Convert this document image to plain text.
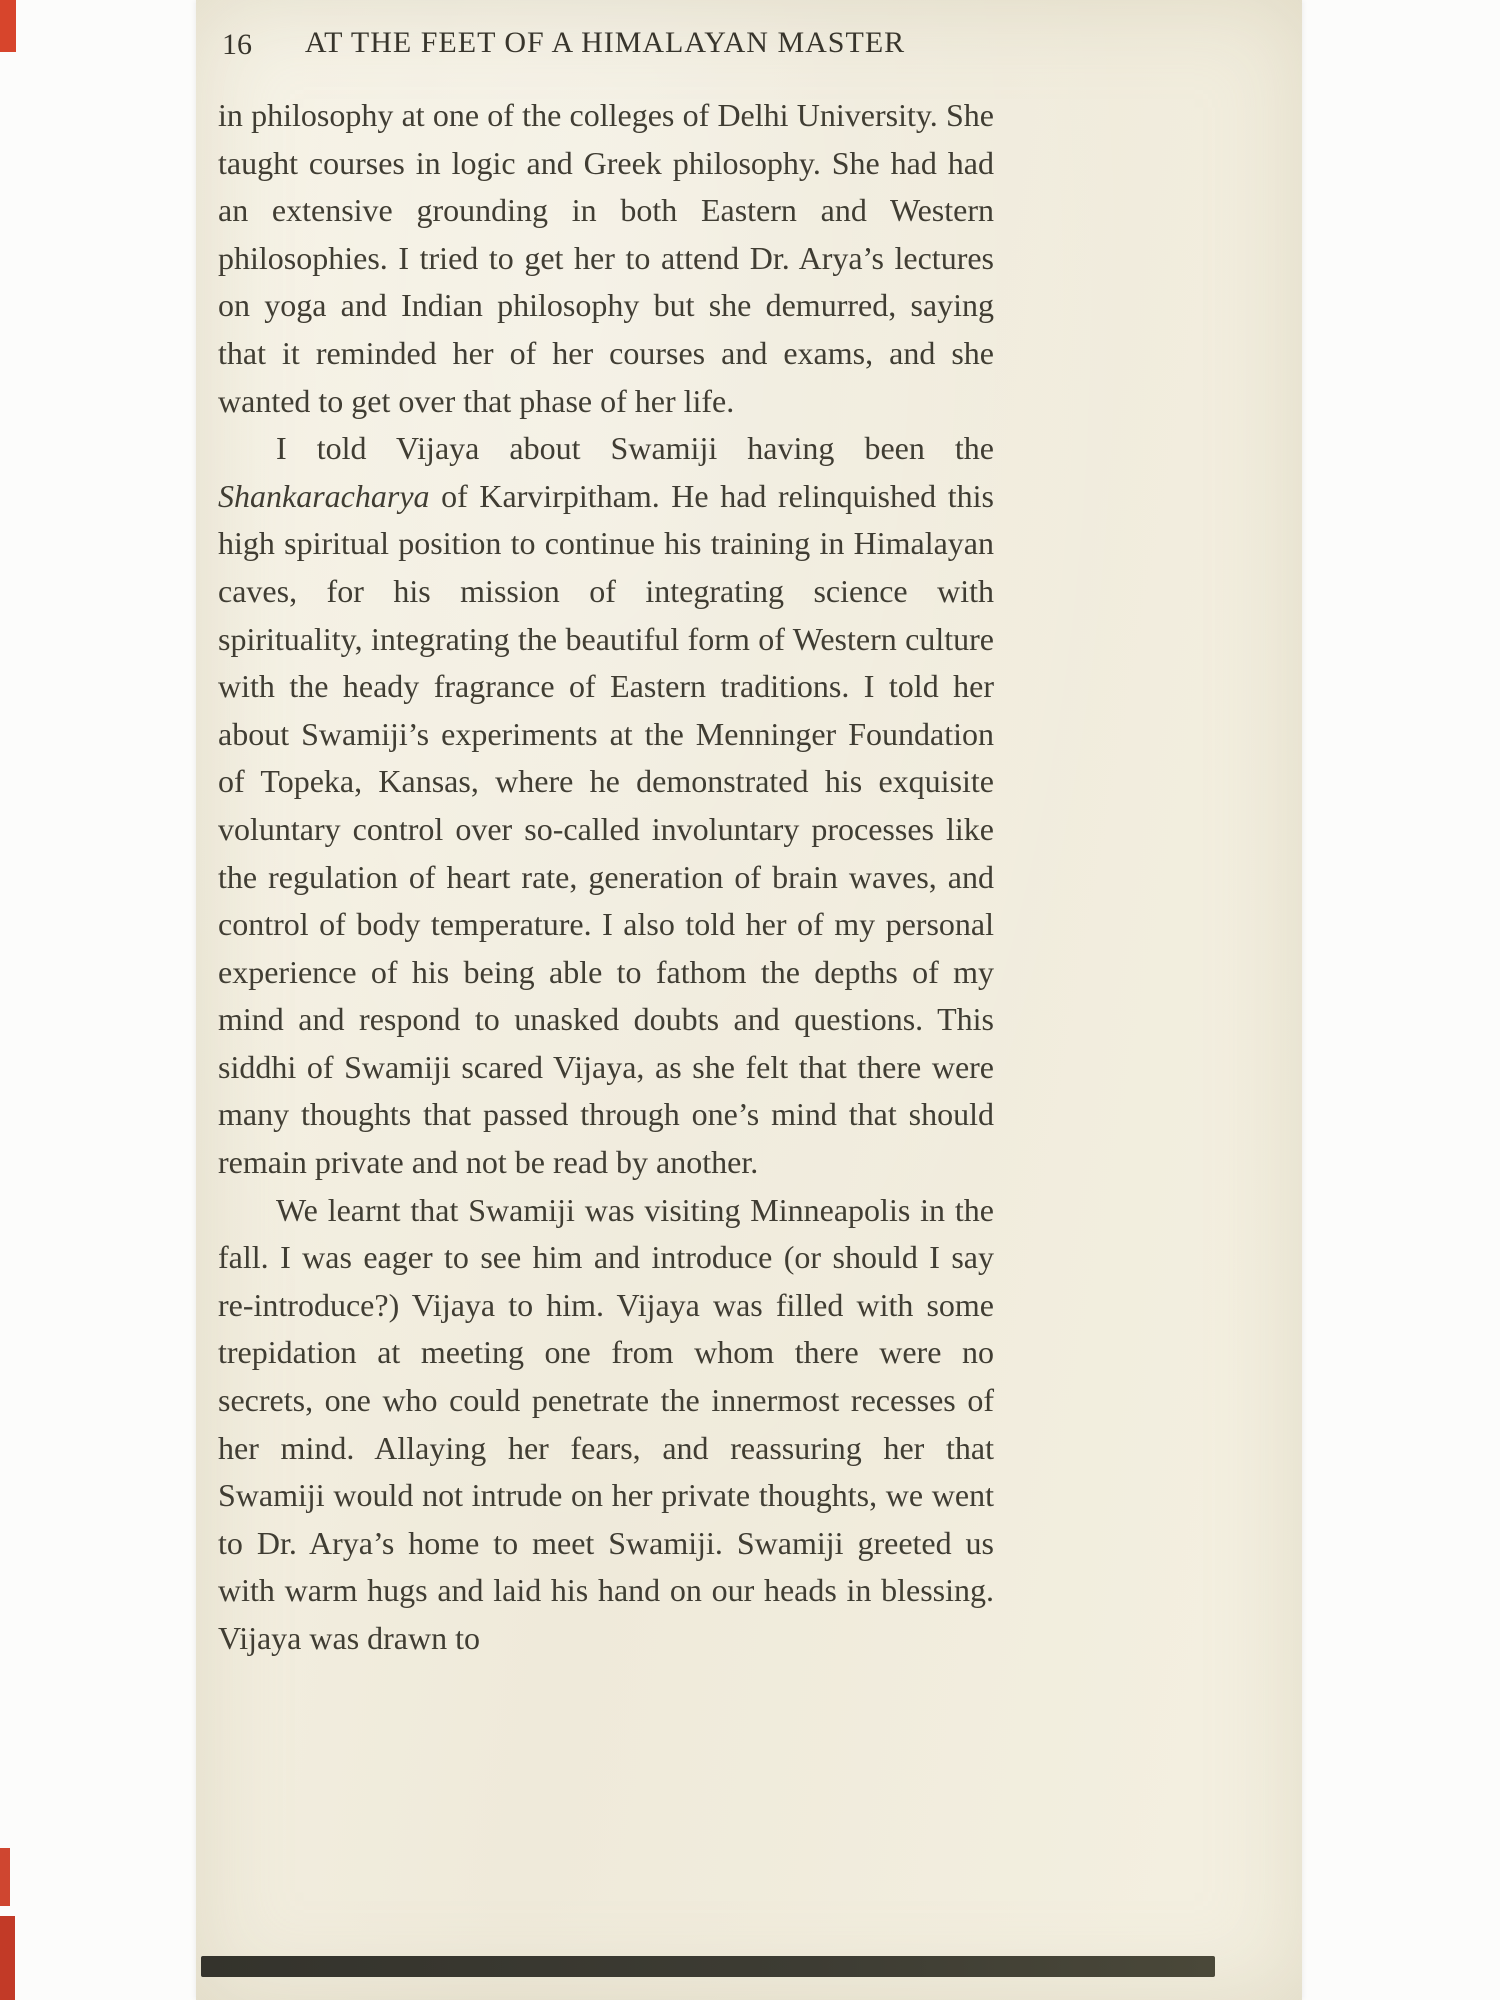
16	AT THE FEET OF A HIMALAYAN MASTER

in philosophy at one of the colleges of Delhi University. She taught courses in logic and Greek philosophy. She had had an extensive grounding in both Eastern and Western philosophies. I tried to get her to attend Dr. Arya’s lectures on yoga and Indian philosophy but she demurred, saying that it reminded her of her courses and exams, and she wanted to get over that phase of her life.

I told Vijaya about Swamiji having been the Shankaracharya of Karvirpitham. He had relinquished this high spiritual position to continue his training in Himalayan caves, for his mission of integrating science with spirituality, integrating the beautiful form of Western culture with the heady fragrance of Eastern traditions. I told her about Swamiji’s experiments at the Menninger Foundation of Topeka, Kansas, where he demonstrated his exquisite voluntary control over so-called involuntary processes like the regulation of heart rate, generation of brain waves, and control of body temperature. I also told her of my personal experience of his being able to fathom the depths of my mind and respond to unasked doubts and questions. This siddhi of Swamiji scared Vijaya, as she felt that there were many thoughts that passed through one’s mind that should remain private and not be read by another.

We learnt that Swamiji was visiting Minneapolis in the fall. I was eager to see him and introduce (or should I say re-introduce?) Vijaya to him. Vijaya was filled with some trepidation at meeting one from whom there were no secrets, one who could penetrate the innermost recesses of her mind. Allaying her fears, and reassuring her that Swamiji would not intrude on her private thoughts, we went to Dr. Arya’s home to meet Swamiji. Swamiji greeted us with warm hugs and laid his hand on our heads in blessing. Vijaya was drawn to
